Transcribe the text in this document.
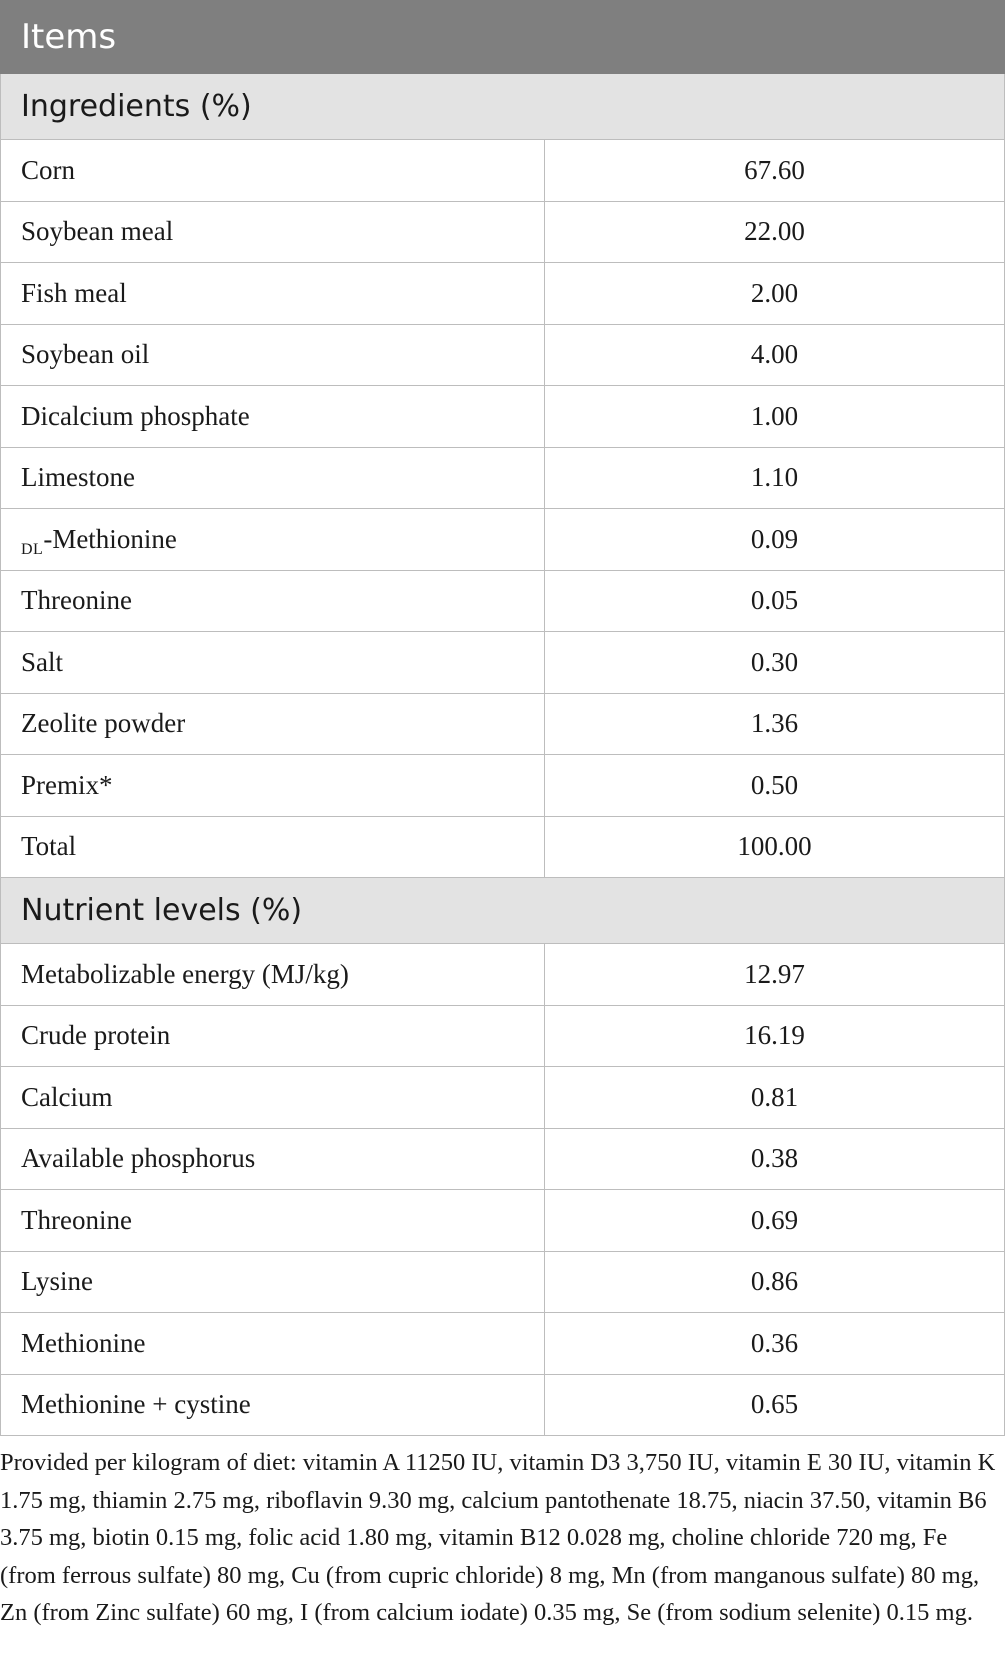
Items	
Ingredients (%)	
Corn	67.60
Soybean meal	22.00
Fish meal	2.00
Soybean oil	4.00
Dicalcium phosphate	1.00
Limestone	1.10
$_{DL}$-Methionine	0.09
Threonine	0.05
Salt	0.30
Zeolite powder	1.36
Premix*	0.50
Total	100.00
Nutrient levels (%)	
Metabolizable energy (MJ/kg)	12.97
Crude protein	16.19
Calcium	0.81
Available phosphorus	0.38
Threonine	0.69
Lysine	0.86
Methionine	0.36
Methionine + cystine	0.65

Provided per kilogram of diet: vitamin A 11250 IU, vitamin D3 3,750 IU, vitamin E 30 IU, vitamin K 1.75 mg, thiamin 2.75 mg, riboflavin 9.30 mg, calcium pantothenate 18.75, niacin 37.50, vitamin B6 3.75 mg, biotin 0.15 mg, folic acid 1.80 mg, vitamin B12 0.028 mg, choline chloride 720 mg, Fe (from ferrous sulfate) 80 mg, Cu (from cupric chloride) 8 mg, Mn (from manganous sulfate) 80 mg, Zn (from Zinc sulfate) 60 mg, I (from calcium iodate) 0.35 mg, Se (from sodium selenite) 0.15 mg.
